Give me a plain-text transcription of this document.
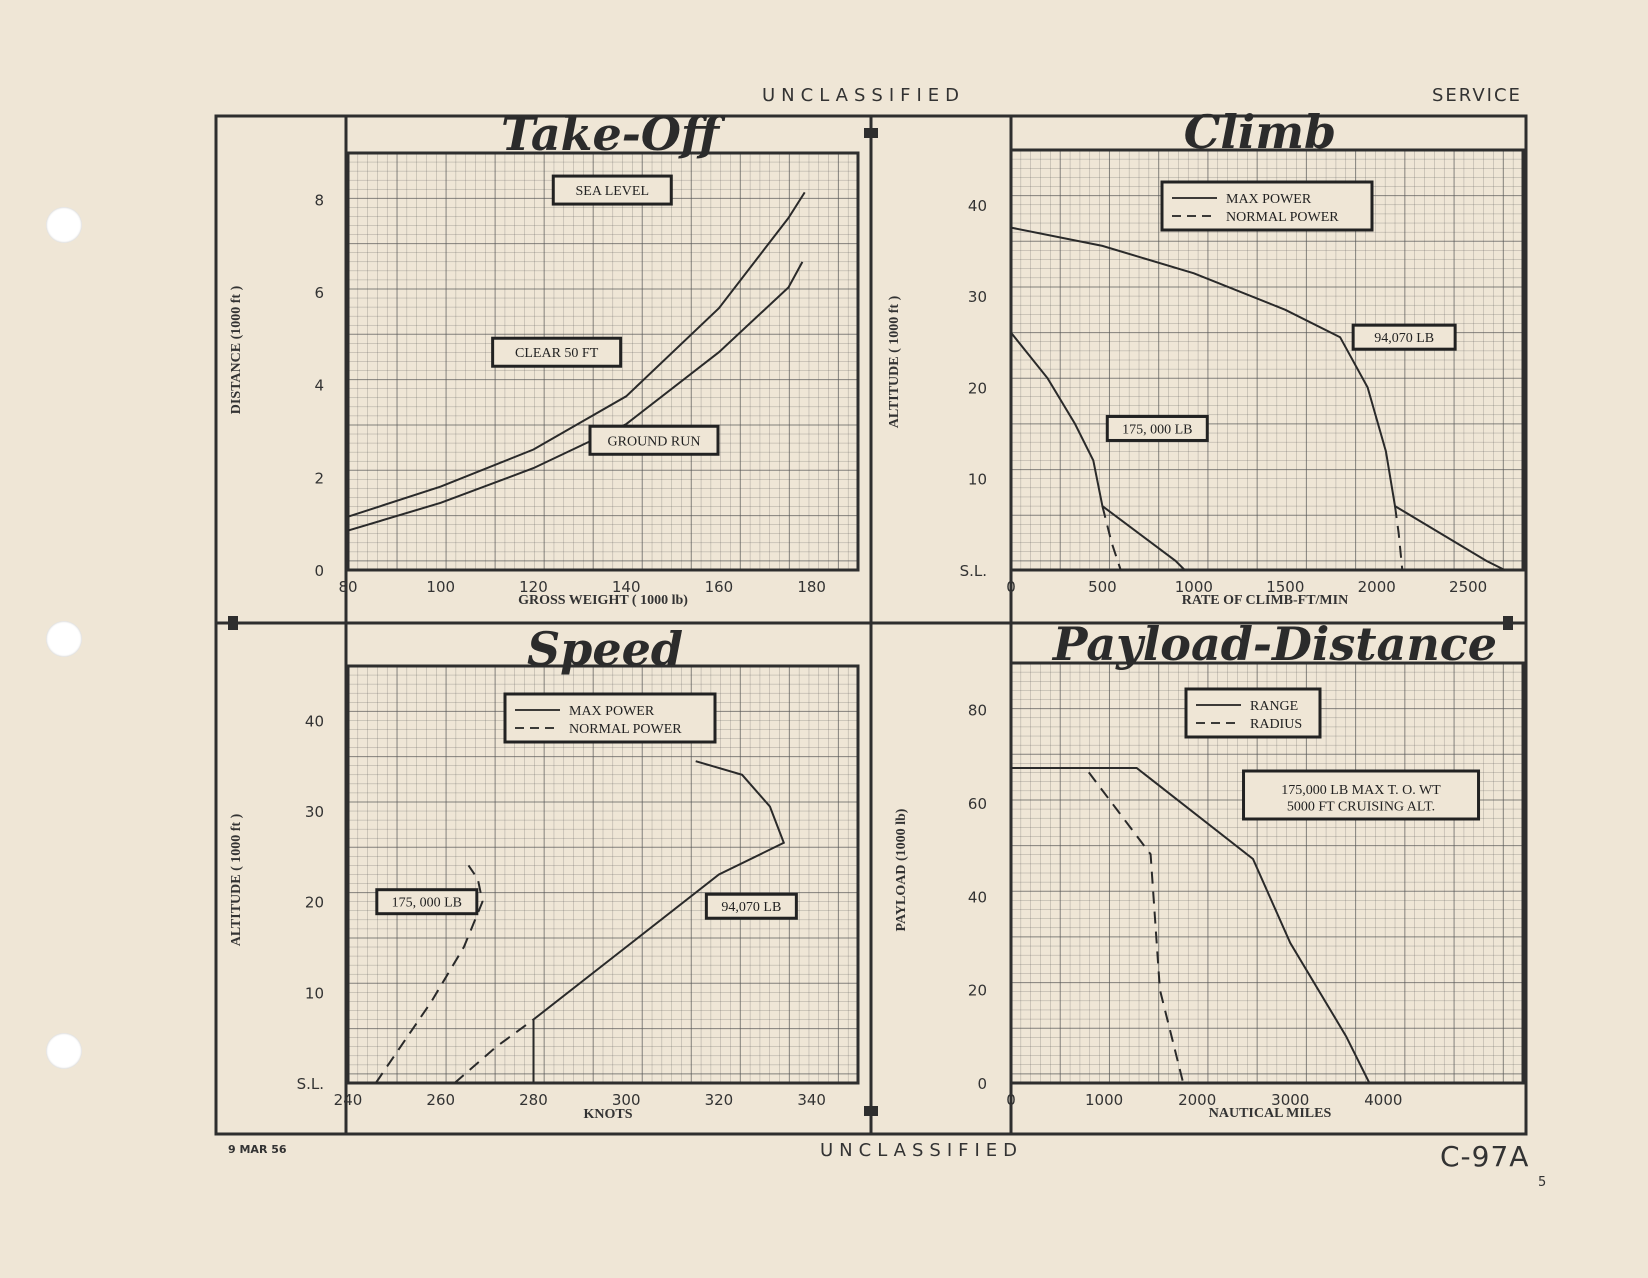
UNCLASSIFIED	SERVICE
UNCLASSIFIED
9 MAR 56	C-97A
5
Take-Off
80	100	120	140	160	180
0
2
4
6
8
GROSS WEIGHT ( 1000 lb)
DISTANCE (1000 ft )
SEA LEVEL
CLEAR 50 FT
GROUND RUN
Climb
0	500	1000	1500	2000	2500
S.L.
10
20
30
40
RATE OF CLIMB-FT/MIN
ALTITUDE ( 1000 ft )	94,070 LB
175, 000 LB
MAX POWER
NORMAL POWER
Speed
240	260	280	300	320	340
S.L.
10
20
30
40
KNOTS
ALTITUDE ( 1000 ft )	175, 000 LB	94,070 LB
MAX POWER
NORMAL POWER
Payload-Distance
0	1000	2000	3000	4000
0
20
40
60
80
NAUTICAL MILES
PAYLOAD (1000 lb)
175,000 LB MAX T. O. WT
5000 FT CRUISING ALT.
RANGE
RADIUS
